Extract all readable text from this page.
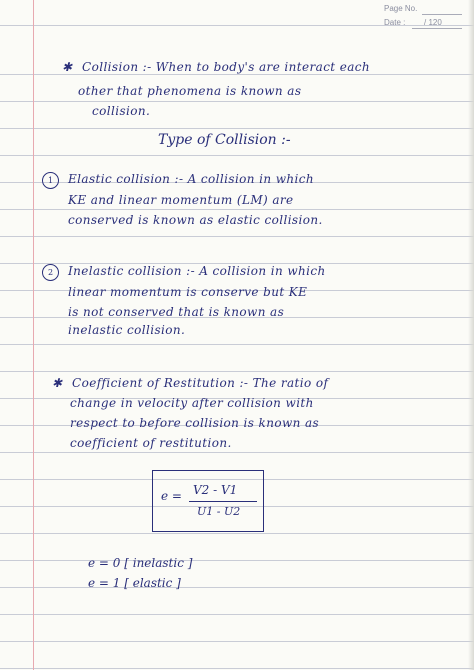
Page No.
Date : / 120
✱ Collision :- When to body's are interact each
other that phenomena is known as
collision.
Type of Collision :-
1	Elastic collision :- A collision in which
KE and linear momentum (LM) are
conserved is known as elastic collision.
2	Inelastic collision :- A collision in which
linear momentum is conserve but KE
is not conserved that is known as
inelastic collision.
✱ Coefficient of Restitution :- The ratio of
change in velocity after collision with
respect to before collision is known as
coefficient of restitution.
e = V2 - V1
U1 - U2
e = 0 [ inelastic ]
e = 1 [ elastic ]
